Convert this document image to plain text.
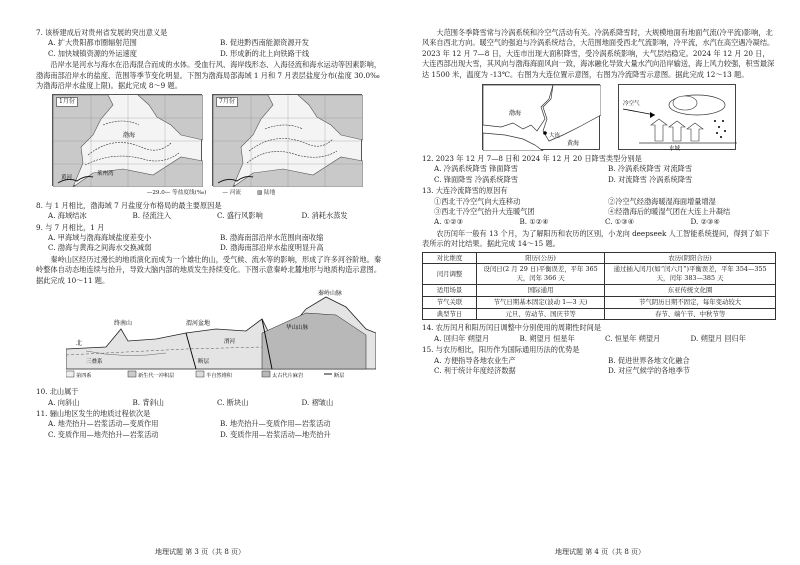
7. 该桥建成后对贵州省发展的突出意义是
A. 扩大贵阳都市圈辐射范围	B. 促进黔西南能源资源开发
C. 加快城镇资源的外运速度	D. 形成新的北上向铁路干线
沿岸水是河水与海水在沿海混合而成的水体。受血行风、海岸线形态、入海径流和海水运动等因素影响，渤海南部沿岸水的盐度、范围等季节变化明显。下图为渤海局部海域 1 月和 7 月表层盐度分布(盐度 30.0‰为渤海沿岸水盐度上限)。据此完成 8～9 题。
渤海
莱州湾
黄河
1月份	7月份
—29.0— 等盐度线(‰)	— 河流	▨ 陆地
8. 与 1 月相比，渤海域 7 月盐度分布格局的最主要原因是
A. 海域结冰	B. 径流注入	C. 盛行风影响	D. 消耗水蒸发
9. 与 7 月相比，1 月
A. 甲海域与渤海海域盐度差变小	B. 渤海南部沿岸水范围向南收缩
C. 渤海与黄海之间海水交换减弱	D. 渤海南部沿岸水盐度明显升高
秦岭山区经历过漫长的地质演化而成为一个雄壮的山，受气候、流水等的影响，形成了许多河谷阶地。秦岭整体自动态地连续与抬升，导致大脑内部的地质发生持续变化。下图示意秦岭北麓地形与地质构造示意图。据此完成 10～11 题。
北
终南山	渭河盆地
秦岭山脉
华山山脉
三叠系	断层
渭河
第四系	新生代一冲积层	半自然堆积	太古代片麻岩	断层
10. 北山属于
A. 向斜山	B. 背斜山	C. 断块山	D. 褶皱山
11. 骊山地区发生的地质过程依次是
A. 地壳抬升—岩浆活动—变质作用	B. 地壳抬升—变质作用—岩浆活动
C. 变质作用—地壳抬升—岩浆活动	D. 变质作用—岩浆活动—地壳抬升
地理试题 第 3 页（共 8 页）
大范围冬季降雪常与冷涡系统和冷空气活动有关。冷涡系降雪时，大规模地面有地面气流(冷平流)影响，北风来自西北方向。暖空气的强迫与冷涡系统结合，大范围地面受西北气流影响，冷平流，水汽在高空遇冷凝结。2023 年 12 月 7—8 日，大连市出现大面积降雪，受冷涡系统影响，大气层结稳定。2024 年 12 月 20 日，大连西部出现大雪，其风向与渤海海面风向一致，海冰融化导致大量水汽向沿岸输送，海上风力较强，积雪最深达 1500 米，温度为 -13℃。右图为大连位置示意图，右图为冷流降雪示意图。据此完成 12～13 题。
渤海
大连
黄海
冷空气
水域
12. 2023 年 12 月 7—8 日和 2024 年 12 月 20 日降雪类型分别是
A. 冷涡系统降雪 锋面降雪	B. 冷涡系统降雪 对流降雪
C. 锋面降雪 冷涡系统降雪	D. 对流降雪 冷涡系统降雪
13. 大连冷流降雪的原因有
①西北干冷空气向大连移动	②冷空气经渤海暖湿海面增量增湿
③西北干冷空气抬升大连暖气团	④经渤海后的暖湿气团在大连上升凝结
A. ①②③	B. ①②④	C. ①③④	D. ②③④
农历闰年一般有 13 个月，为了解阳历和农历的区别，小龙向 deepseek 人工智能系统提问，得到了如下表所示的对比结果。据此完成 14～15 题。
对比维度	阳历(公历)	农历(阴阳合历)
闰月调整	设闰日(2 月 29 日)平衡误差，平年 365 天，闰年 366 天	通过插入闰月(如“闰六月”)平衡误差，平年 354—355 天，闰年 383—385 天
适用场景	国际通用	东亚传统文化圈
节气关联	节气日期基本固定(波动 1—3 天)	节气阴历日期不固定，每年变动较大
典型节日	元旦、劳动节、国庆节等	春节、端午节、中秋节等
14. 农历闰月和阳历闰日调整中分别使用的周期性时间是
A. 回归年 朔望月	B. 朔望月 恒星年	C. 恒星年 朔望月	D. 朔望月 回归年
15. 与农历相比，阳历作为国际通用历法的优势是
A. 方便指导各地农业生产	B. 促进世界各地文化融合
C. 利于统计年度经济数据	D. 对应气候学的各地季节
地理试题 第 4 页（共 8 页）
